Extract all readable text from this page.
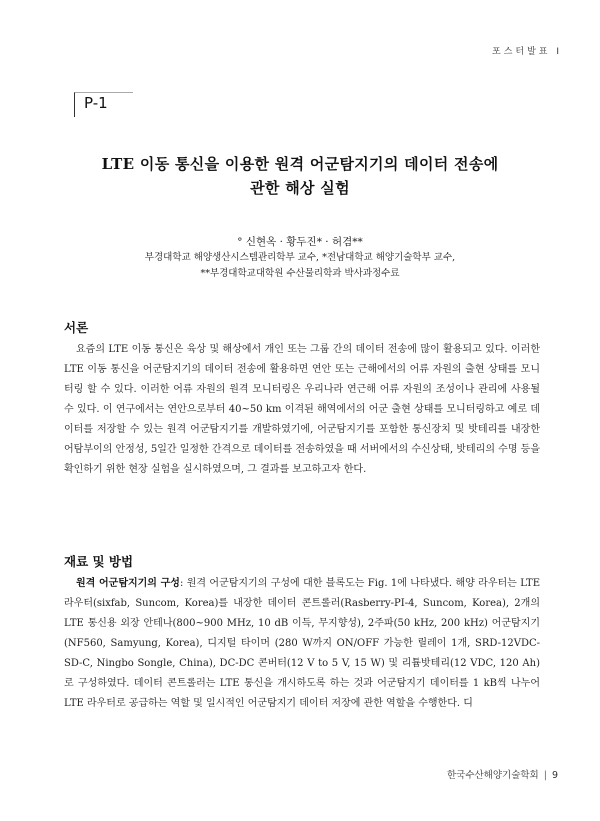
포스터발표 I
P-1
LTE 이동 통신을 이용한 원격 어군탐지기의 데이터 전송에
관한 해상 실험
° 신현옥 · 황두진* · 허겸**
부경대학교 해양생산시스템관리학부 교수, *전남대학교 해양기술학부 교수,
**부경대학교대학원 수산물리학과 박사과정수료
서론
요즘의 LTE 이동 통신은 육상 및 해상에서 개인 또는 그룹 간의 데이터 전송에 많이 활용되고 있다. 이러한 LTE 이동 통신을 어군탐지기의 데이터 전송에 활용하면 연안 또는 근해에서의 어류 자원의 출현 상태를 모니터링 할 수 있다. 이러한 어류 자원의 원격 모니터링은 우리나라 연근해 어류 자원의 조성이나 관리에 사용될 수 있다. 이 연구에서는 연안으로부터 40~50 km 이격된 해역에서의 어군 출현 상태를 모니터링하고 예로 데이터를 저장할 수 있는 원격 어군탐지기를 개발하였기에, 어군탐지기를 포함한 통신장치 및 밧테리를 내장한 어탐부이의 안정성, 5일간 일정한 간격으로 데이터를 전송하였을 때 서버에서의 수신상태, 밧테리의 수명 등을 확인하기 위한 현장 실험을 실시하였으며, 그 결과를 보고하고자 한다.
재료 및 방법
원격 어군탐지기의 구성: 원격 어군탐지기의 구성에 대한 블록도는 Fig. 1에 나타냈다. 해양 라우터는 LTE 라우터(sixfab, Suncom, Korea)를 내장한 데이터 콘트롤러(Rasberry-PI-4, Suncom, Korea), 2개의 LTE 통신용 외장 안테나(800~900 MHz, 10 dB 이득, 무지향성), 2주파(50 kHz, 200 kHz) 어군탐지기(NF560, Samyung, Korea), 디지털 타이머 (280 W까지 ON/OFF 가능한 릴레이 1개, SRD-12VDC-SD-C, Ningbo Songle, China), DC-DC 콘버터(12 V to 5 V, 15 W) 및 리튬밧테리(12 VDC, 120 Ah)로 구성하였다. 데이터 콘트롤러는 LTE 통신을 개시하도록 하는 것과 어군탐지기 데이터를 1 kB씩 나누어 LTE 라우터로 공급하는 역할 및 일시적인 어군탐지기 데이터 저장에 관한 역할을 수행한다. 디
한국수산해양기술학회 | 9
